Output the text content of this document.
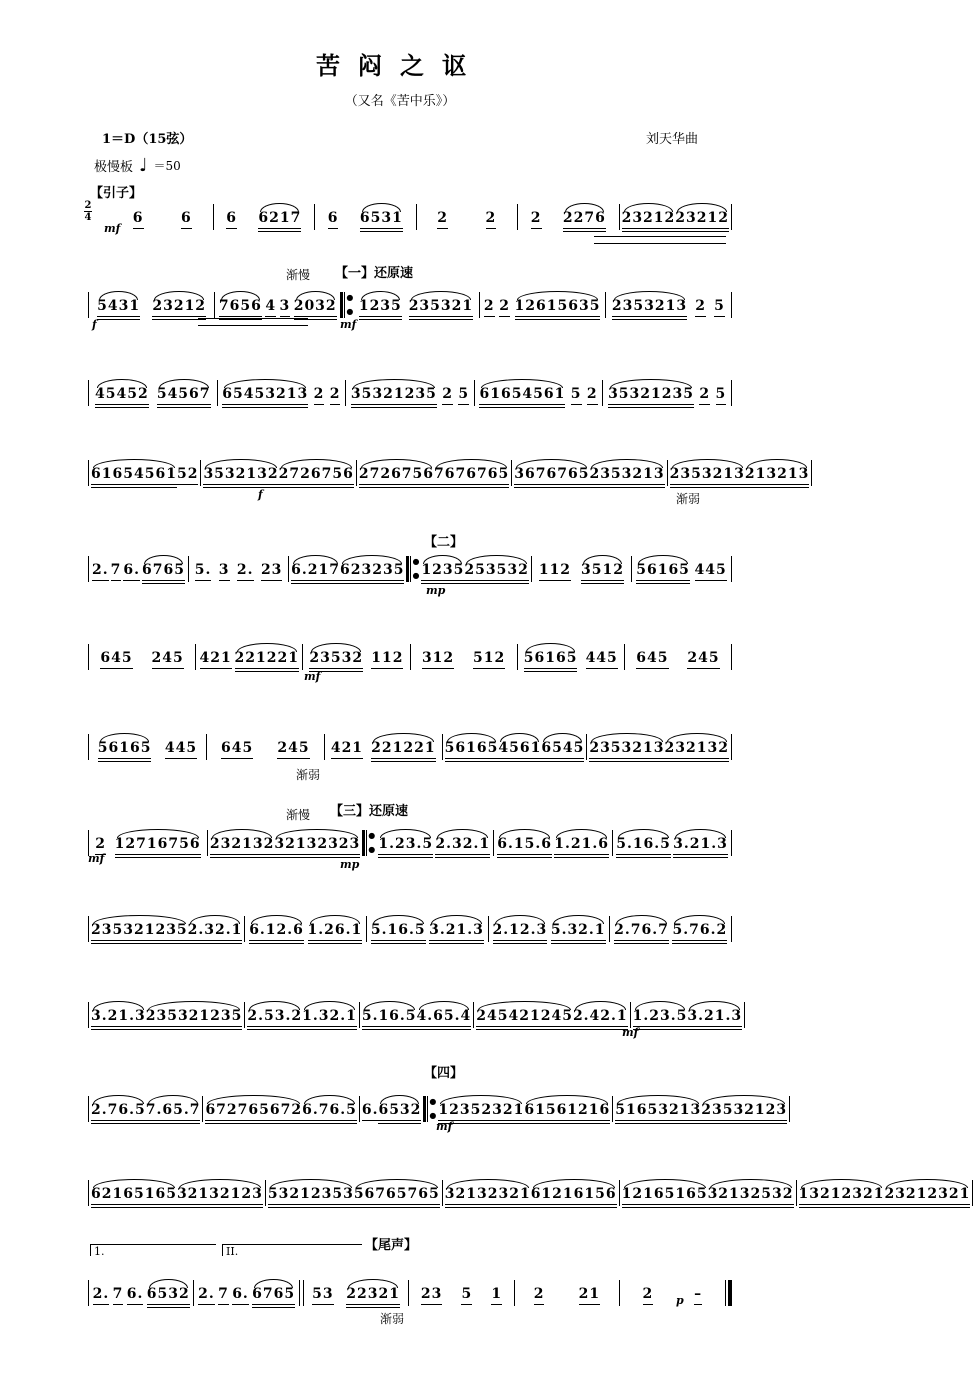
苦闷之讴
（又名《苦中乐》）
1＝D（15弦）	刘天华曲
极慢板 ♩ ＝50
2
4
【引子】
【一】还原速
【二】
【三】还原速
【四】
【尾声】
渐慢
渐慢
渐弱
渐弱
渐弱
mf
f	mf
f
mp
mf
mf	mp
mf
mf
p
1.	II.
6	6 6 6217 6 6531 2	2 2 2276 23212 23212
5431 23212 7656 4 3 2032
●
● 1235 235321 2 2 12615635 2353213 2 5
45452 54567 65453213 2 2 35321235 2 5 61654561 5 2 35321235 2 5
61654561 5 2 3532132 2726756 2726756 7676765 3676765 2353213 2353213 213213
2. 7 6. 6765 5. 3 2. 23 6.217 623235
●
● 1235 253532 112 3512 56165 445
645 245 421 221221 23532 112 312 512 56165 445 645 245
56165 445 645 245 421 221221 56165 4561 6545 2353213 232132
2 12716756 232132 32132323
●
● 1.23.5 2.32.1 6.15.6 1.21.6 5.16.5 3.21.3
235321235 2.32.1 6.12.6 1.26.1 5.16.5 3.21.3 2.12.3 5.32.1 2.76.7 5.76.2
3.21.3 235321235 2.53.2 1.32.1 5.16.5 4.65.4 245421245 2.42.1 1.23.5 3.21.3
2.76.5 7.65.7 672765672 6.76.5 6. 6532
●
● 12352321 61561216 51653213 23532123
62165165 32132123 53212353 56765765 32132321 61216156 12165165 32132532 13212321 23212321
2. 7 6. 6532 2. 7 6. 6765 53 22321 23 5 1 2 21	2	–
